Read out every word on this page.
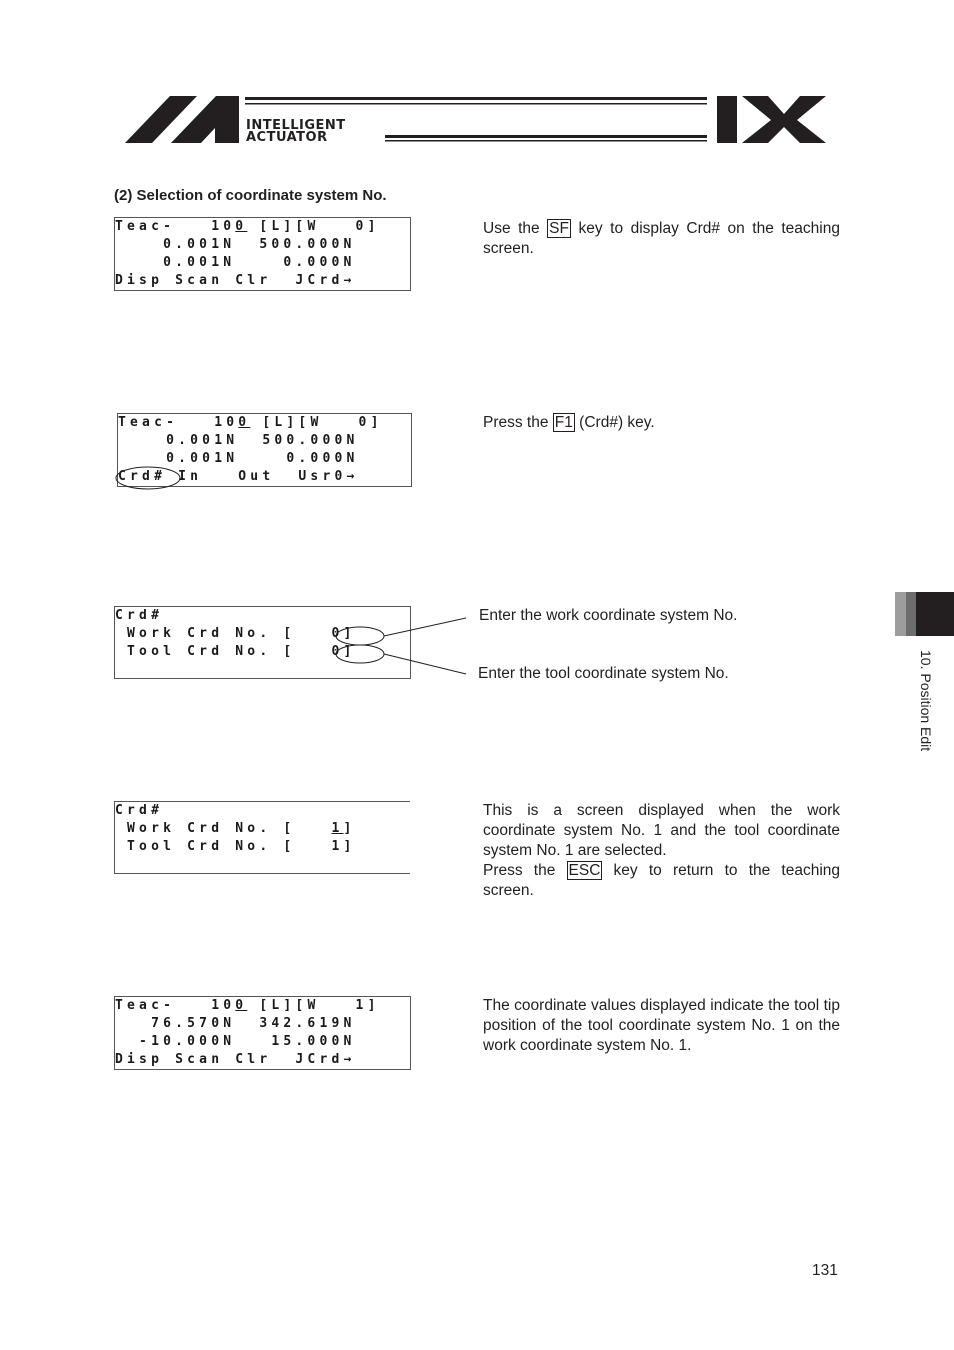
INTELLIGENT
ACTUATOR
(2) Selection of coordinate system No.
Teac-   100 [L][W   0]
0.001N  500.000N
0.001N    0.000N
Disp Scan Clr  JCrd→
Use the SF key to display Crd# on the teaching screen.
Teac-   100 [L][W   0]
0.001N  500.000N
0.001N    0.000N
Crd# In   Out  Usr0→
Press the F1 (Crd#) key.
Crd#
Work Crd No. [   0]
Tool Crd No. [   0]
Enter the work coordinate system No.
Enter the tool coordinate system No.
Crd#
Work Crd No. [   1]
Tool Crd No. [   1]
This is a screen displayed when the work coordinate system No. 1 and the tool coordinate system No. 1 are selected.
Press the ESC key to return to the teaching screen.
Teac-   100 [L][W   1]
76.570N  342.619N
-10.000N   15.000N
Disp Scan Clr  JCrd→
The coordinate values displayed indicate the tool tip position of the tool coordinate system No. 1 on the work coordinate system No. 1.
10. Position Edit
131
